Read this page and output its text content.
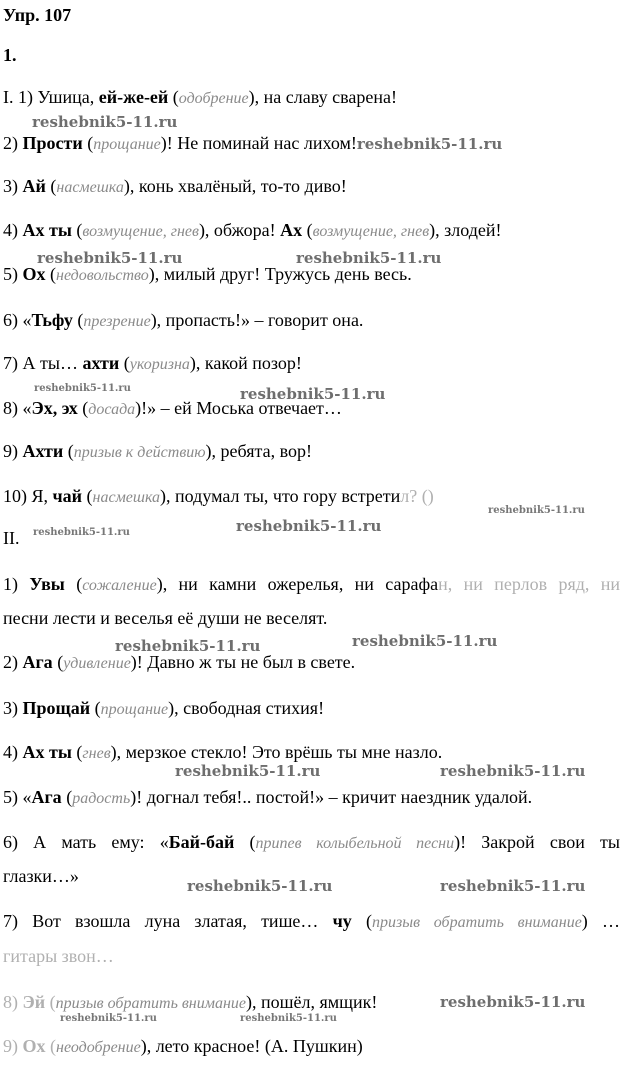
Упр. 107
1.
I. 1) Ушица, ей-же-ей (одобрение), на славу сварена!
reshebnik5-11.ru
2) Прости (прощание)! Не поминай нас лихом!reshebnik5-11.ru
3) Ай (насмешка), конь хвалёный, то-то диво!
4) Ах ты (возмущение, гнев), обжора! Ах (возмущение, гнев), злодей!
reshebnik5-11.ru	reshebnik5-11.ru
5) Ох (недовольство), милый друг! Тружусь день весь.
6) «Тьфу (презрение), пропасть!» – говорит она.
7) А ты… ахти (укоризна), какой позор!
reshebnik5-11.ru	reshebnik5-11.ru
8) «Эх, эх (досада)!» – ей Моська отвечает…
9) Ахти (призыв к действию), ребята, вор!
10) Я, чай (насмешка), подумал ты, что гору встретил? ()
reshebnik5-11.ru
II. reshebnik5-11.ru	reshebnik5-11.ru
1) Увы (сожаление), ни камни ожерелья, ни сарафан, ни перлов ряд, ни
песни лести и веселья её души не веселят.
reshebnik5-11.ru	reshebnik5-11.ru
2) Ага (удивление)! Давно ж ты не был в свете.
3) Прощай (прощание), свободная стихия!
4) Ах ты (гнев), мерзкое стекло! Это врёшь ты мне назло.
reshebnik5-11.ru	reshebnik5-11.ru
5) «Ага (радость)! догнал тебя!.. постой!» – кричит наездник удалой.
6) А мать ему: «Бай-бай (припев колыбельной песни)! Закрой свои ты
глазки…»	reshebnik5-11.ru	reshebnik5-11.ru
7) Вот взошла луна златая, тише… чу (призыв обратить внимание) …
гитары звон…
8) Эй (призыв обратить внимание), пошёл, ямщик!	reshebnik5-11.ru
reshebnik5-11.ru	reshebnik5-11.ru
9) Ох (неодобрение), лето красное! (А. Пушкин)
